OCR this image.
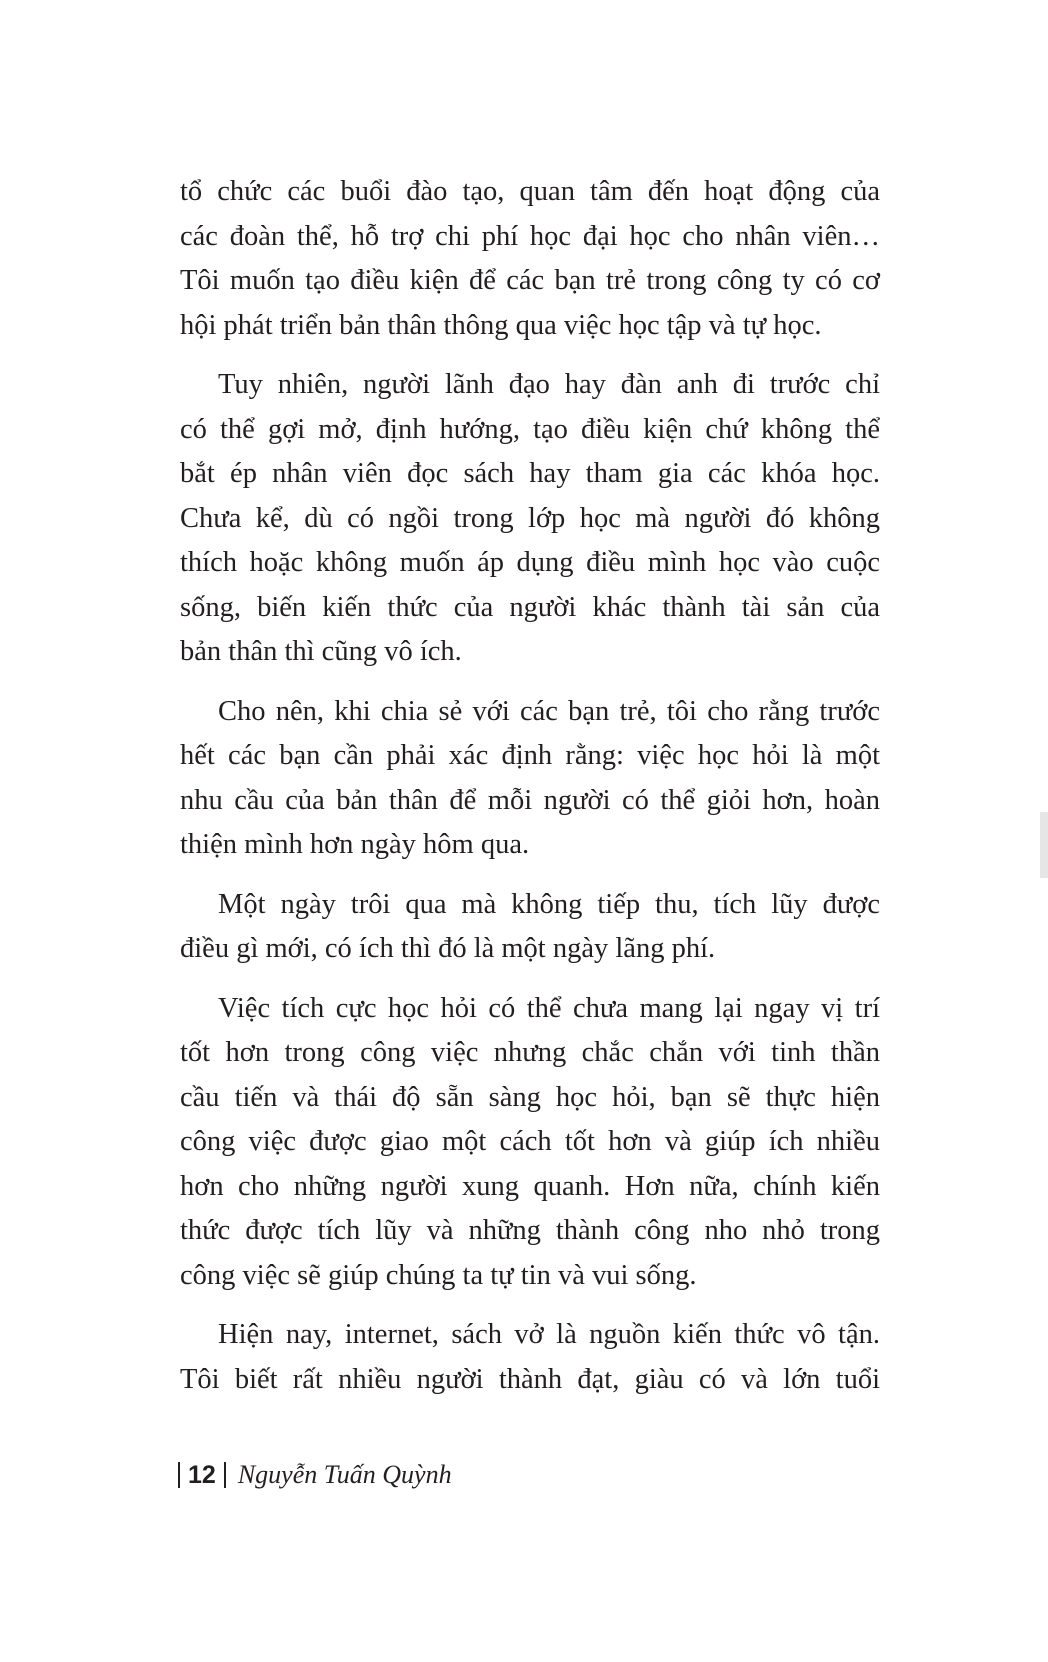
tổ chức các buổi đào tạo, quan tâm đến hoạt động của
các đoàn thể, hỗ trợ chi phí học đại học cho nhân viên…
Tôi muốn tạo điều kiện để các bạn trẻ trong công ty có cơ
hội phát triển bản thân thông qua việc học tập và tự học.

Tuy nhiên, người lãnh đạo hay đàn anh đi trước chỉ
có thể gợi mở, định hướng, tạo điều kiện chứ không thể
bắt ép nhân viên đọc sách hay tham gia các khóa học.
Chưa kể, dù có ngồi trong lớp học mà người đó không
thích hoặc không muốn áp dụng điều mình học vào cuộc
sống, biến kiến thức của người khác thành tài sản của
bản thân thì cũng vô ích.

Cho nên, khi chia sẻ với các bạn trẻ, tôi cho rằng trước
hết các bạn cần phải xác định rằng: việc học hỏi là một
nhu cầu của bản thân để mỗi người có thể giỏi hơn, hoàn
thiện mình hơn ngày hôm qua.

Một ngày trôi qua mà không tiếp thu, tích lũy được
điều gì mới, có ích thì đó là một ngày lãng phí.

Việc tích cực học hỏi có thể chưa mang lại ngay vị trí
tốt hơn trong công việc nhưng chắc chắn với tinh thần
cầu tiến và thái độ sẵn sàng học hỏi, bạn sẽ thực hiện
công việc được giao một cách tốt hơn và giúp ích nhiều
hơn cho những người xung quanh. Hơn nữa, chính kiến
thức được tích lũy và những thành công nho nhỏ trong
công việc sẽ giúp chúng ta tự tin và vui sống.

Hiện nay, internet, sách vở là nguồn kiến thức vô tận.
Tôi biết rất nhiều người thành đạt, giàu có và lớn tuổi

12 Nguyễn Tuấn Quỳnh
